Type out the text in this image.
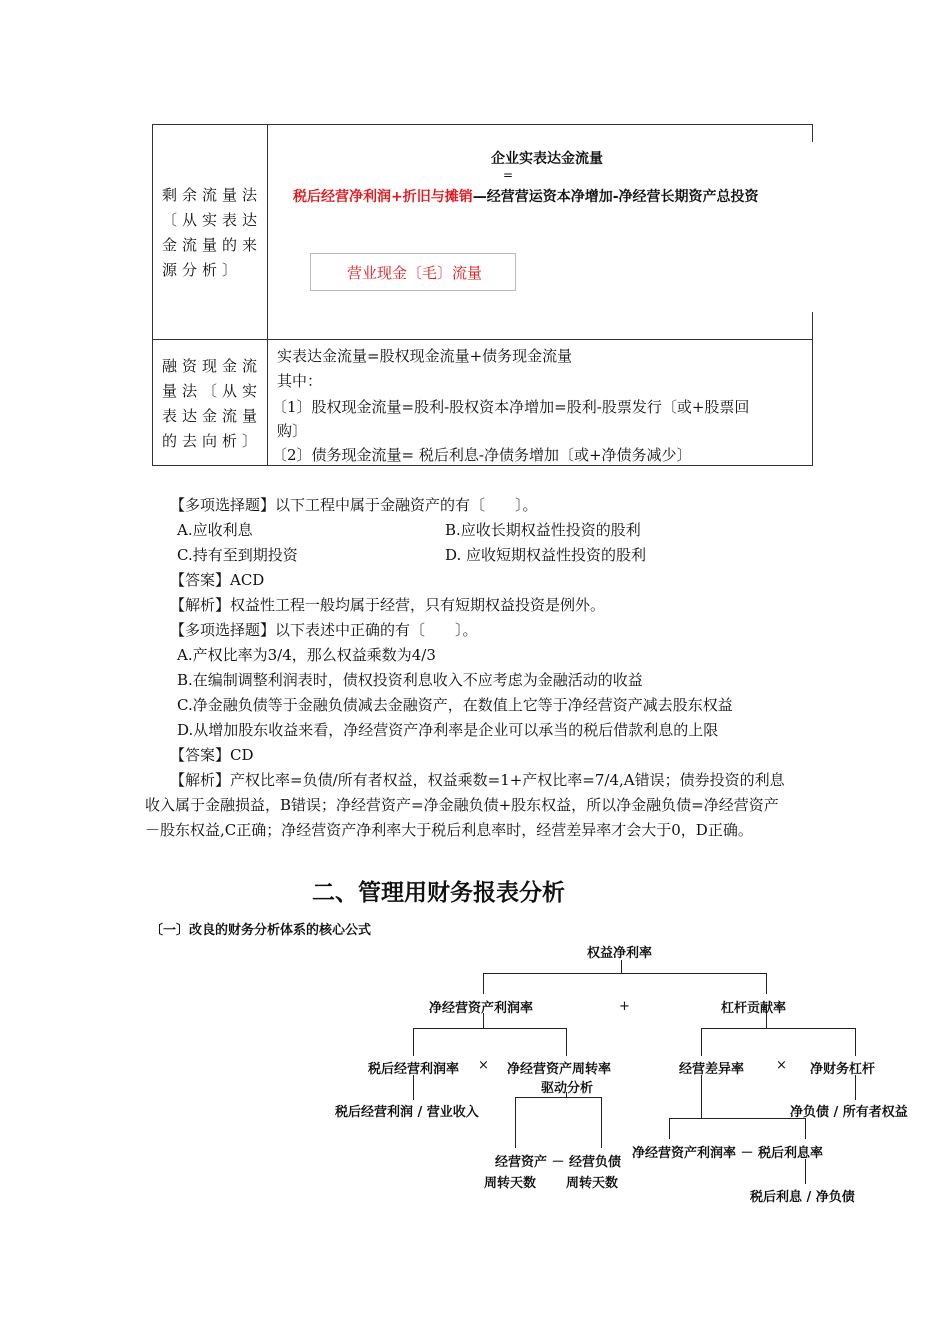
剩余流量法〔从实表达金流量的来源分析〕
企业实表达金流量
=
税后经营净利润+折旧与摊销—经营营运资本净增加-净经营长期资产总投资
营业现金〔毛〕流量
融资现金流量法〔从实表达金流量的去向析〕
实表达金流量=股权现金流量+债务现金流量
其中：
〔1〕股权现金流量=股利-股权资本净增加=股利-股票发行〔或+股票回
购〕
〔2〕债务现金流量= 税后利息-净债务增加〔或+净债务减少〕
【多项选择题】以下工程中属于金融资产的有〔　　〕。
A.应收利息	B.应收长期权益性投资的股利
C.持有至到期投资	D. 应收短期权益性投资的股利
【答案】ACD
【解析】权益性工程一般均属于经营，只有短期权益投资是例外。
【多项选择题】以下表述中正确的有〔　　〕。
A.产权比率为3/4，那么权益乘数为4/3
B.在编制调整利润表时，债权投资利息收入不应考虑为金融活动的收益
C.净金融负债等于金融负债减去金融资产，在数值上它等于净经营资产减去股东权益
D.从增加股东收益来看，净经营资产净利率是企业可以承当的税后借款利息的上限
【答案】CD
【解析】产权比率=负债/所有者权益，权益乘数=1+产权比率=7/4,A错误；债券投资的利息
收入属于金融损益，B错误；净经营资产=净金融负债+股东权益，所以净金融负债=净经营资产
－股东权益,C正确；净经营资产净利率大于税后利息率时，经营差异率才会大于0，D正确。
二、管理用财务报表分析
〔一〕改良的财务分析体系的核心公式
权益净利率
净经营资产利润率	+	杠杆贡献率
税后经营利润率 × 净经营资产周转率
驱动分析
经营差异率 × 净财务杠杆
税后经营利润 / 营业收入
经营资产 － 经营负债
周转天数 周转天数
净经营资产利润率 － 税后利息率
净负债 / 所有者权益
税后利息 / 净负债
